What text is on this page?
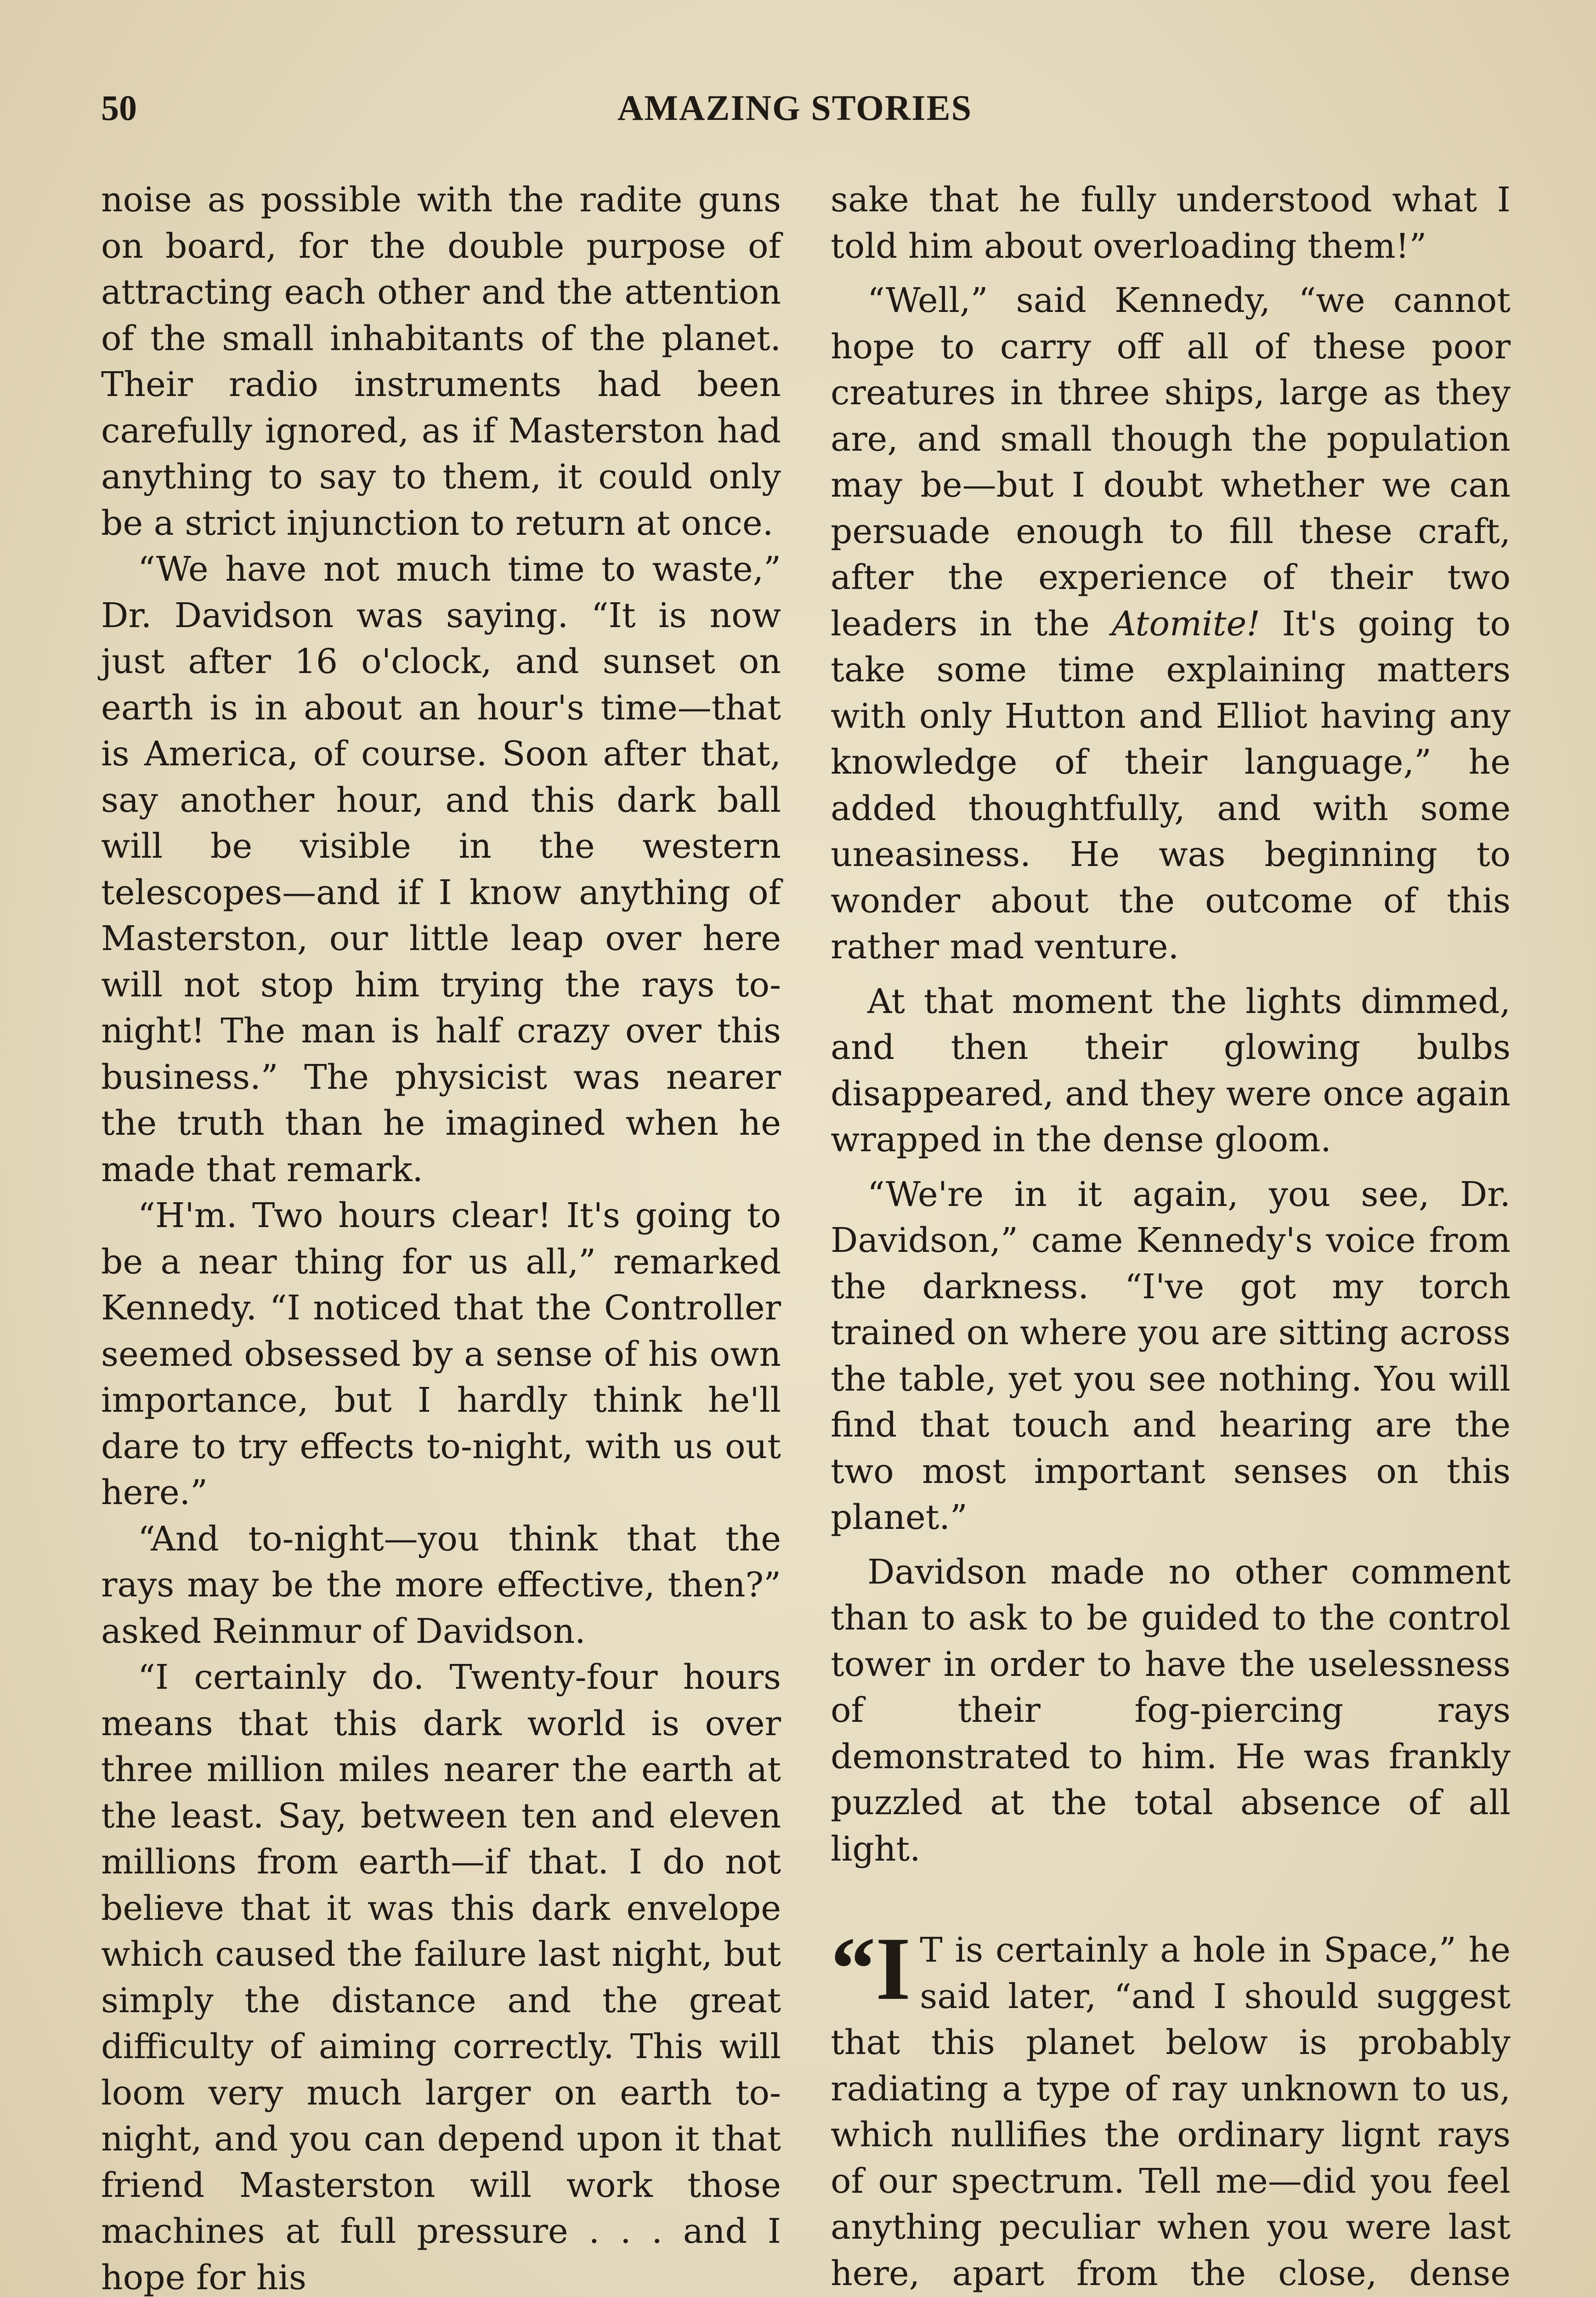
50	AMAZING STORIES

noise as possible with the radite guns on board, for the double purpose of attracting each other and the attention of the small inhabitants of the planet. Their radio instruments had been carefully ignored, as if Masterston had anything to say to them, it could only be a strict injunction to return at once.

“We have not much time to waste,” Dr. Davidson was saying. “It is now just after 16 o'clock, and sunset on earth is in about an hour's time—that is America, of course. Soon after that, say another hour, and this dark ball will be visible in the western telescopes—and if I know anything of Masterston, our little leap over here will not stop him trying the rays to-night! The man is half crazy over this business.” The physicist was nearer the truth than he imagined when he made that remark.

“H'm. Two hours clear! It's going to be a near thing for us all,” remarked Kennedy. “I noticed that the Controller seemed obsessed by a sense of his own importance, but I hardly think he'll dare to try effects to-night, with us out here.”

“And to-night—you think that the rays may be the more effective, then?” asked Reinmur of Davidson.

“I certainly do. Twenty-four hours means that this dark world is over three million miles nearer the earth at the least. Say, between ten and eleven millions from earth—if that. I do not believe that it was this dark envelope which caused the failure last night, but simply the distance and the great difficulty of aiming correctly. This will loom very much larger on earth to-night, and you can depend upon it that friend Masterston will work those machines at full pressure . . . and I hope for his

sake that he fully understood what I told him about overloading them!”

“Well,” said Kennedy, “we cannot hope to carry off all of these poor creatures in three ships, large as they are, and small though the population may be—but I doubt whether we can persuade enough to fill these craft, after the experience of their two leaders in the Atomite! It's going to take some time explaining matters with only Hutton and Elliot having any knowledge of their language,” he added thoughtfully, and with some uneasiness. He was beginning to wonder about the outcome of this rather mad venture.

At that moment the lights dimmed, and then their glowing bulbs disappeared, and they were once again wrapped in the dense gloom.

“We're in it again, you see, Dr. Davidson,” came Kennedy's voice from the darkness. “I've got my torch trained on where you are sitting across the table, yet you see nothing. You will find that touch and hearing are the two most important senses on this planet.”

Davidson made no other comment than to ask to be guided to the control tower in order to have the uselessness of their fog-piercing rays demonstrated to him. He was frankly puzzled at the total absence of all light.

“I T is certainly a hole in Space,” he said later, “and I should suggest that this planet below is probably radiating a type of ray unknown to us, which nullifies the ordinary lignt rays of our spectrum. Tell me—did you feel anything peculiar when you were last here, apart from the close, dense
